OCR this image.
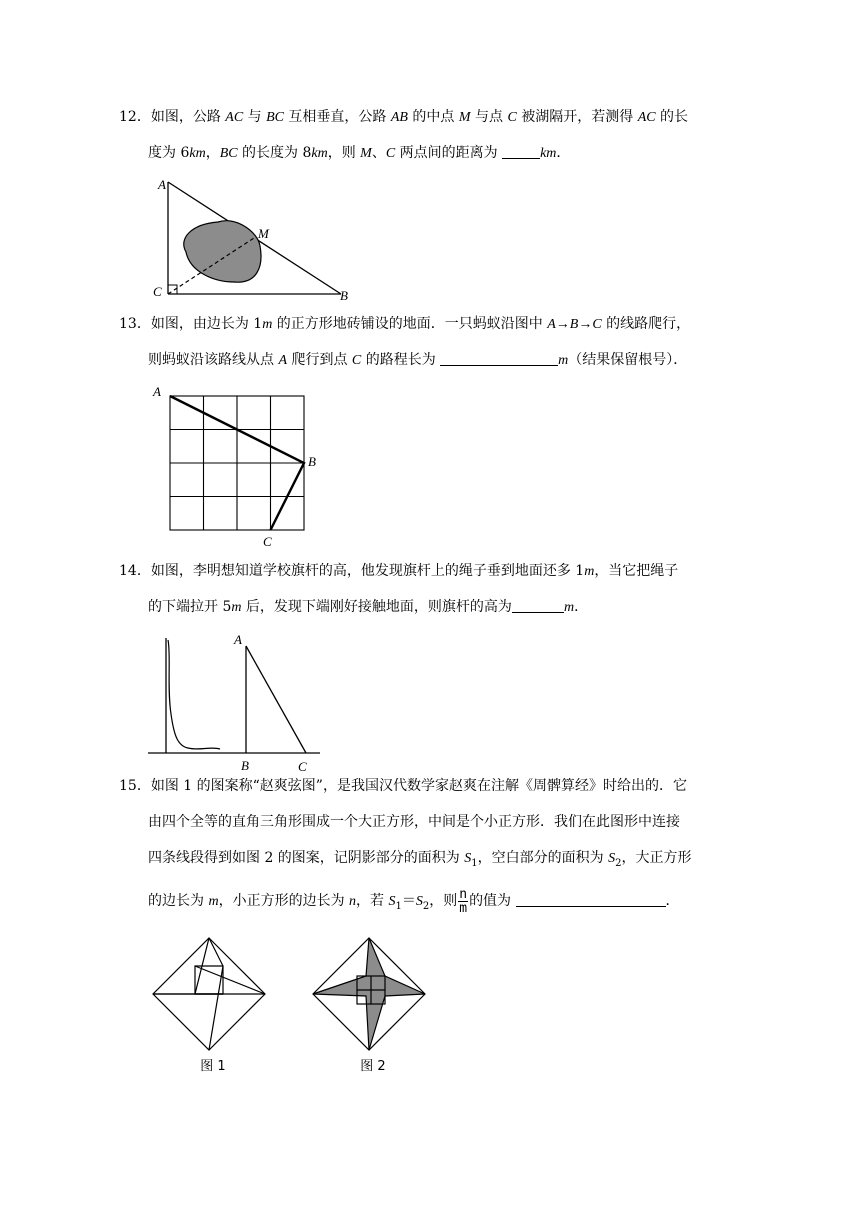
12．如图，公路 AC 与 BC 互相垂直，公路 AB 的中点 M 与点 C 被湖隔开，若测得 AC 的长
度为 6km，BC 的长度为 8km，则 M、C 两点间的距离为	km．
A
M
C	B
13．如图，由边长为 1m 的正方形地砖铺设的地面．一只蚂蚁沿图中 A→B→C 的线路爬行，
则蚂蚁沿该路线从点 A 爬行到点 C 的路程长为	m（结果保留根号）．
A
B
C
14．如图，李明想知道学校旗杆的高，他发现旗杆上的绳子垂到地面还多 1m，当它把绳子
的下端拉开 5m 后，发现下端刚好接触地面，则旗杆的高为	m．
A
B	C
15．如图 1 的图案称“赵爽弦图”，是我国汉代数学家赵爽在注解《周髀算经》时给出的．它
由四个全等的直角三角形围成一个大正方形，中间是个小正方形．我们在此图形中连接
四条线段得到如图 2 的图案，记阴影部分的面积为 $S_1$，空白部分的面积为 $S_2$，大正方形
的边长为 m，小正方形的边长为 n，若 $S_1=S_2$，则 $\frac{n}{m}$ 的值为	．
图 1	图 2
